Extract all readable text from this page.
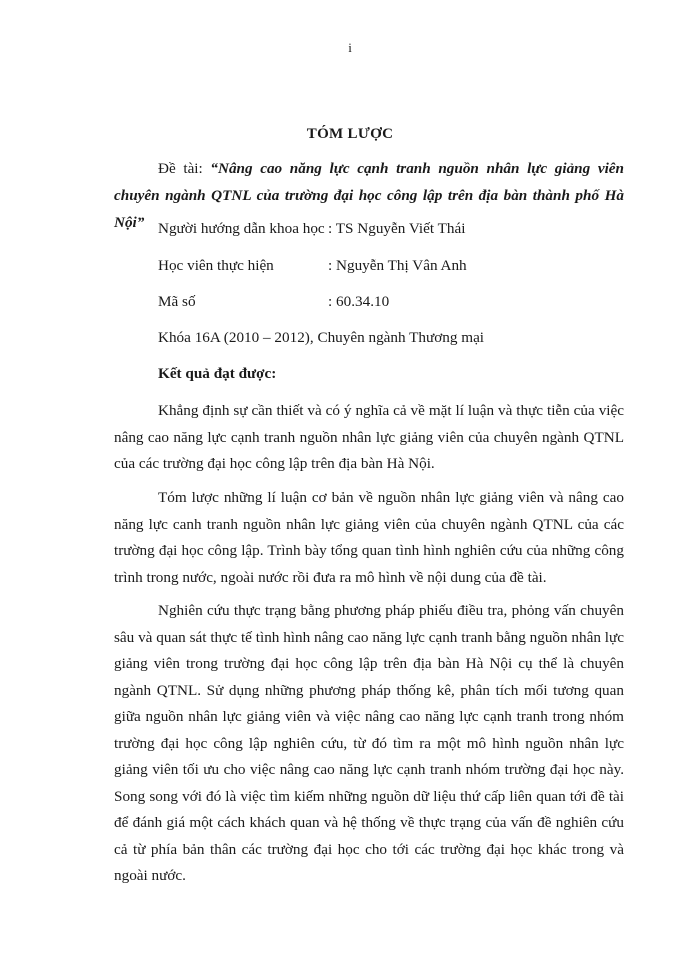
i
TÓM LƯỢC
Đề tài: “Nâng cao năng lực cạnh tranh nguồn nhân lực giảng viên chuyên ngành QTNL của trường đại học công lập trên địa bàn thành phố Hà Nội” Người hướng dẫn khoa học : TS Nguyễn Viết Thái
Học viên thực hiện	: Nguyễn Thị Vân Anh
Mã số	: 60.34.10
Khóa 16A (2010 – 2012), Chuyên ngành Thương mại
Kết quả đạt được:

Khẳng định sự cần thiết và có ý nghĩa cả về mặt lí luận và thực tiễn của việc nâng cao năng lực cạnh tranh nguồn nhân lực giảng viên của chuyên ngành QTNL của các trường đại học công lập trên địa bàn Hà Nội.

Tóm lược những lí luận cơ bản về nguồn nhân lực giảng viên và nâng cao năng lực canh tranh nguồn nhân lực giảng viên của chuyên ngành QTNL của các trường đại học công lập. Trình bày tổng quan tình hình nghiên cứu của những công trình trong nước, ngoài nước rồi đưa ra mô hình về nội dung của đề tài.

Nghiên cứu thực trạng bằng phương pháp phiếu điều tra, phỏng vấn chuyên sâu và quan sát thực tế tình hình nâng cao năng lực cạnh tranh bằng nguồn nhân lực giảng viên trong trường đại học công lập trên địa bàn Hà Nội cụ thể là chuyên ngành QTNL. Sử dụng những phương pháp thống kê, phân tích mối tương quan giữa nguồn nhân lực giảng viên và việc nâng cao năng lực cạnh tranh trong nhóm trường đại học công lập nghiên cứu, từ đó tìm ra một mô hình nguồn nhân lực giảng viên tối ưu cho việc nâng cao năng lực cạnh tranh nhóm trường đại học này. Song song với đó là việc tìm kiếm những nguồn dữ liệu thứ cấp liên quan tới đề tài để đánh giá một cách khách quan và hệ thống về thực trạng của vấn đề nghiên cứu cả từ phía bản thân các trường đại học cho tới các trường đại học khác trong và ngoài nước.
